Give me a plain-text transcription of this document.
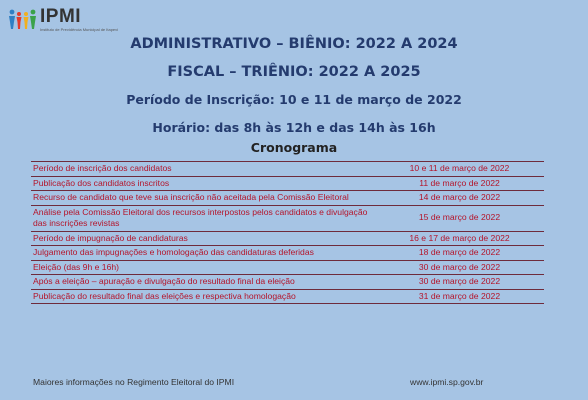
IPMI
Instituto de Previdência Municipal de Itapevi
ADMINISTRATIVO – BIÊNIO: 2022 A 2024
FISCAL – TRIÊNIO: 2022 A 2025
Período de Inscrição: 10 e 11 de março de 2022
Horário: das 8h às 12h e das 14h às 16h
Cronograma
Período de inscrição dos candidatos	10 e 11 de março de 2022
Publicação dos candidatos inscritos	11 de março de 2022
Recurso de candidato que teve sua inscrição não aceitada pela Comissão Eleitoral	14 de março de 2022
Análise pela Comissão Eleitoral dos recursos interpostos pelos candidatos e divulgação das inscrições revistas	15 de março de 2022
Período de impugnação de candidaturas	16 e 17 de março de 2022
Julgamento das impugnações e homologação das candidaturas deferidas	18 de março de 2022
Eleição (das 9h e 16h)	30 de março de 2022
Após a eleição – apuração e divulgação do resultado final da eleição	30 de março de 2022
Publicação do resultado final das eleições e respectiva homologação	31 de março de 2022
Maiores informações no Regimento Eleitoral do IPMI	www.ipmi.sp.gov.br
